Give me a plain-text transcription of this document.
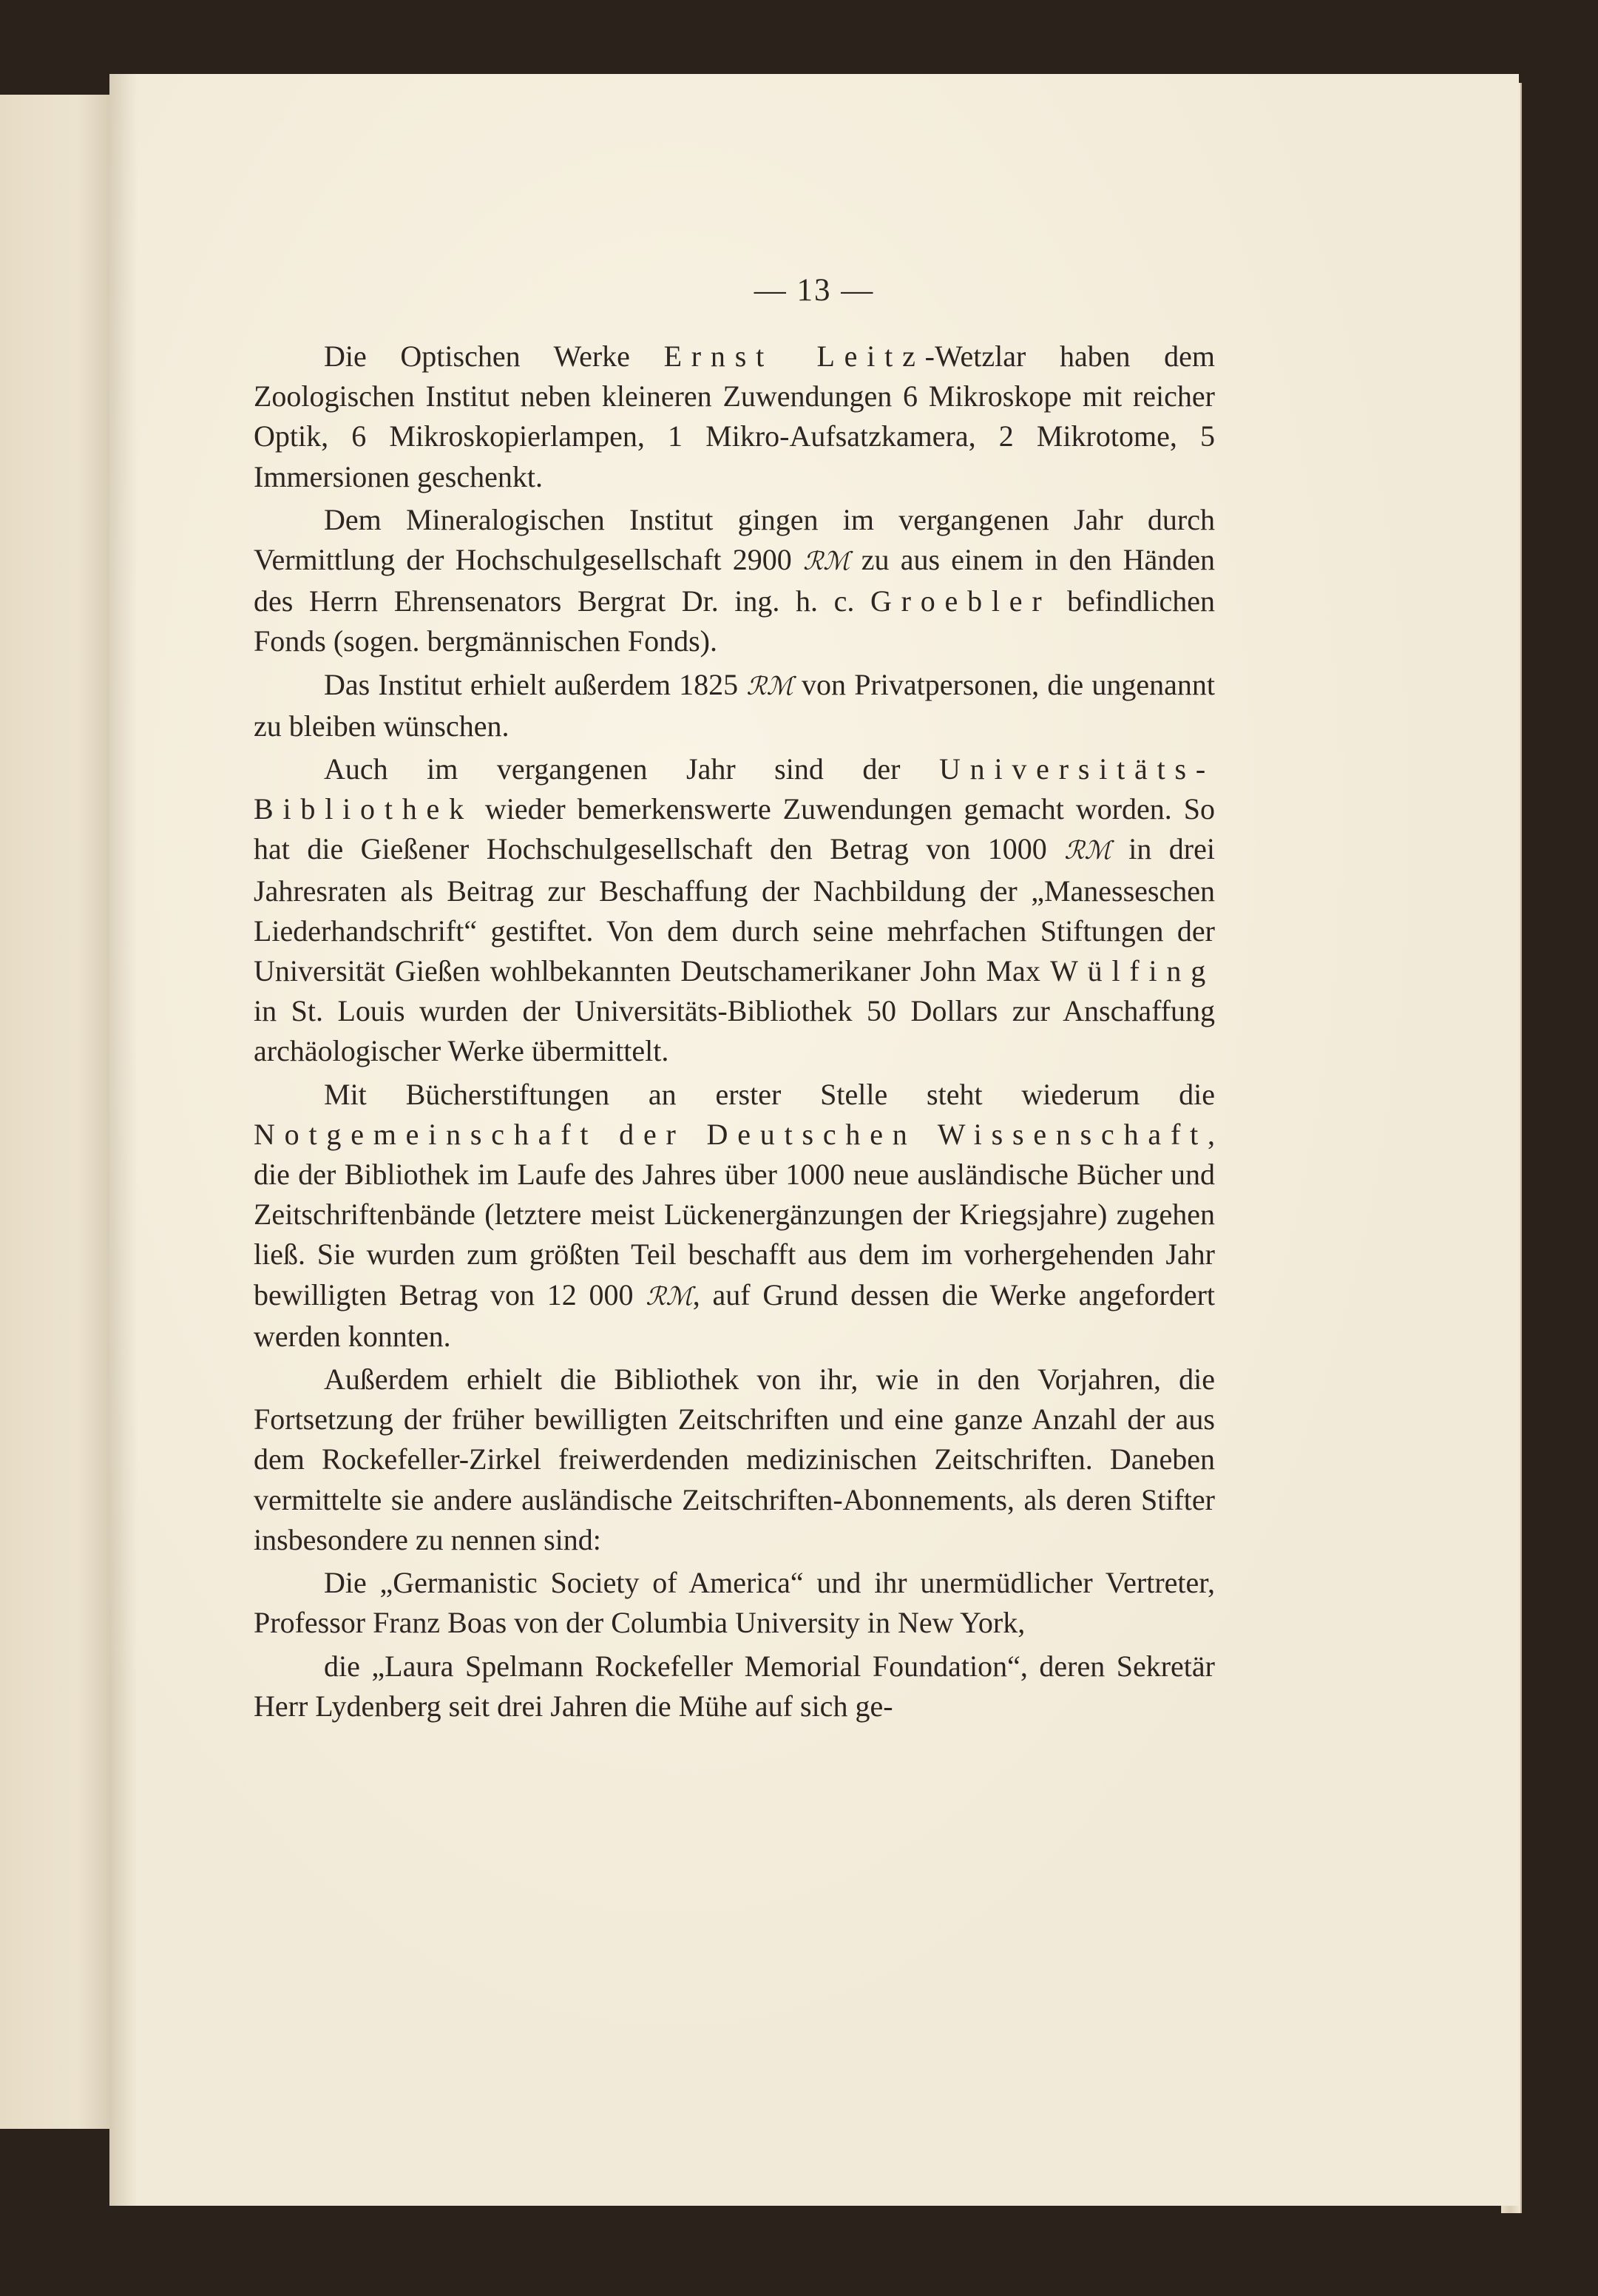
— 13 —

Die Optischen Werke Ernst Leitz-Wetzlar haben dem Zoologischen Institut neben kleineren Zuwendungen 6 Mikroskope mit reicher Optik, 6 Mikroskopierlampen, 1 Mikro-Aufsatzkamera, 2 Mikrotome, 5 Immersionen geschenkt.

Dem Mineralogischen Institut gingen im vergangenen Jahr durch Vermittlung der Hochschulgesellschaft 2900 ℛℳ zu aus einem in den Händen des Herrn Ehrensenators Bergrat Dr. ing. h. c. Groebler befindlichen Fonds (sogen. bergmännischen Fonds).

Das Institut erhielt außerdem 1825 ℛℳ von Privatpersonen, die ungenannt zu bleiben wünschen.

Auch im vergangenen Jahr sind der Universitäts-Bibliothek wieder bemerkenswerte Zuwendungen gemacht worden. So hat die Gießener Hochschulgesellschaft den Betrag von 1000 ℛℳ in drei Jahresraten als Beitrag zur Beschaffung der Nachbildung der „Manesseschen Liederhandschrift“ gestiftet. Von dem durch seine mehrfachen Stiftungen der Universität Gießen wohlbekannten Deutschamerikaner John Max Wülfing in St. Louis wurden der Universitäts-Bibliothek 50 Dollars zur Anschaffung archäologischer Werke übermittelt.

Mit Bücherstiftungen an erster Stelle steht wiederum die Notgemeinschaft der Deutschen Wissenschaft, die der Bibliothek im Laufe des Jahres über 1000 neue ausländische Bücher und Zeitschriftenbände (letztere meist Lückenergänzungen der Kriegsjahre) zugehen ließ. Sie wurden zum größten Teil beschafft aus dem im vorhergehenden Jahr bewilligten Betrag von 12 000 ℛℳ, auf Grund dessen die Werke angefordert werden konnten.

Außerdem erhielt die Bibliothek von ihr, wie in den Vorjahren, die Fortsetzung der früher bewilligten Zeitschriften und eine ganze Anzahl der aus dem Rockefeller-Zirkel freiwerdenden medizinischen Zeitschriften. Daneben vermittelte sie andere ausländische Zeitschriften-Abonnements, als deren Stifter insbesondere zu nennen sind:

Die „Germanistic Society of America“ und ihr unermüdlicher Vertreter, Professor Franz Boas von der Columbia University in New York,

die „Laura Spelmann Rockefeller Memorial Foundation“, deren Sekretär Herr Lydenberg seit drei Jahren die Mühe auf sich ge-
